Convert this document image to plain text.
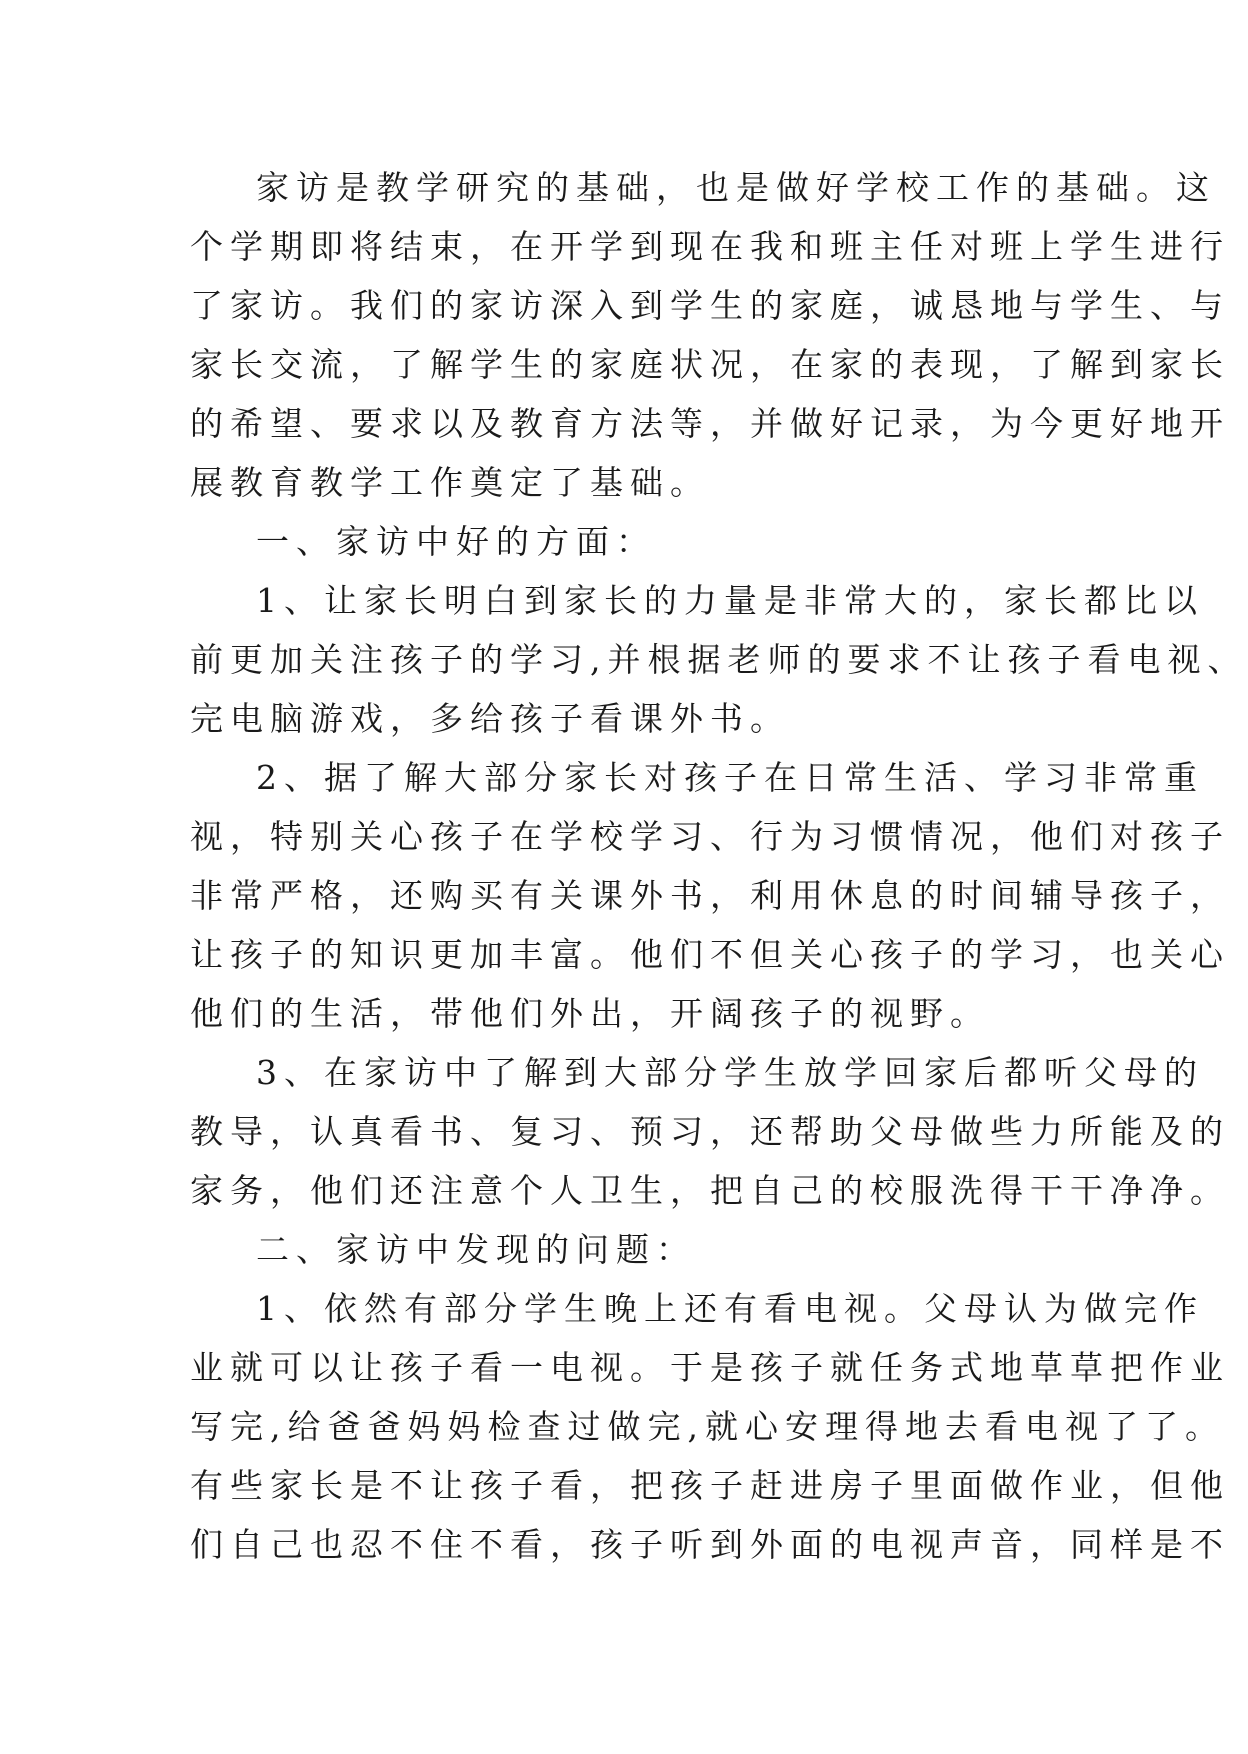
家访是教学研究的基础，也是做好学校工作的基础。这
个学期即将结束，在开学到现在我和班主任对班上学生进行
了家访。我们的家访深入到学生的家庭，诚恳地与学生、与
家长交流，了解学生的家庭状况，在家的表现，了解到家长
的希望、要求以及教育方法等，并做好记录，为今更好地开
展教育教学工作奠定了基础。
一、家访中好的方面：
1、让家长明白到家长的力量是非常大的，家长都比以
前更加关注孩子的学习,并根据老师的要求不让孩子看电视、
完电脑游戏，多给孩子看课外书。
2、据了解大部分家长对孩子在日常生活、学习非常重
视，特别关心孩子在学校学习、行为习惯情况，他们对孩子
非常严格，还购买有关课外书，利用休息的时间辅导孩子，
让孩子的知识更加丰富。他们不但关心孩子的学习，也关心
他们的生活，带他们外出，开阔孩子的视野。
3、在家访中了解到大部分学生放学回家后都听父母的
教导，认真看书、复习、预习，还帮助父母做些力所能及的
家务，他们还注意个人卫生，把自己的校服洗得干干净净。
二、家访中发现的问题：
1、依然有部分学生晚上还有看电视。父母认为做完作
业就可以让孩子看一电视。于是孩子就任务式地草草把作业
写完,给爸爸妈妈检查过做完,就心安理得地去看电视了了。
有些家长是不让孩子看，把孩子赶进房子里面做作业，但他
们自己也忍不住不看，孩子听到外面的电视声音，同样是不
